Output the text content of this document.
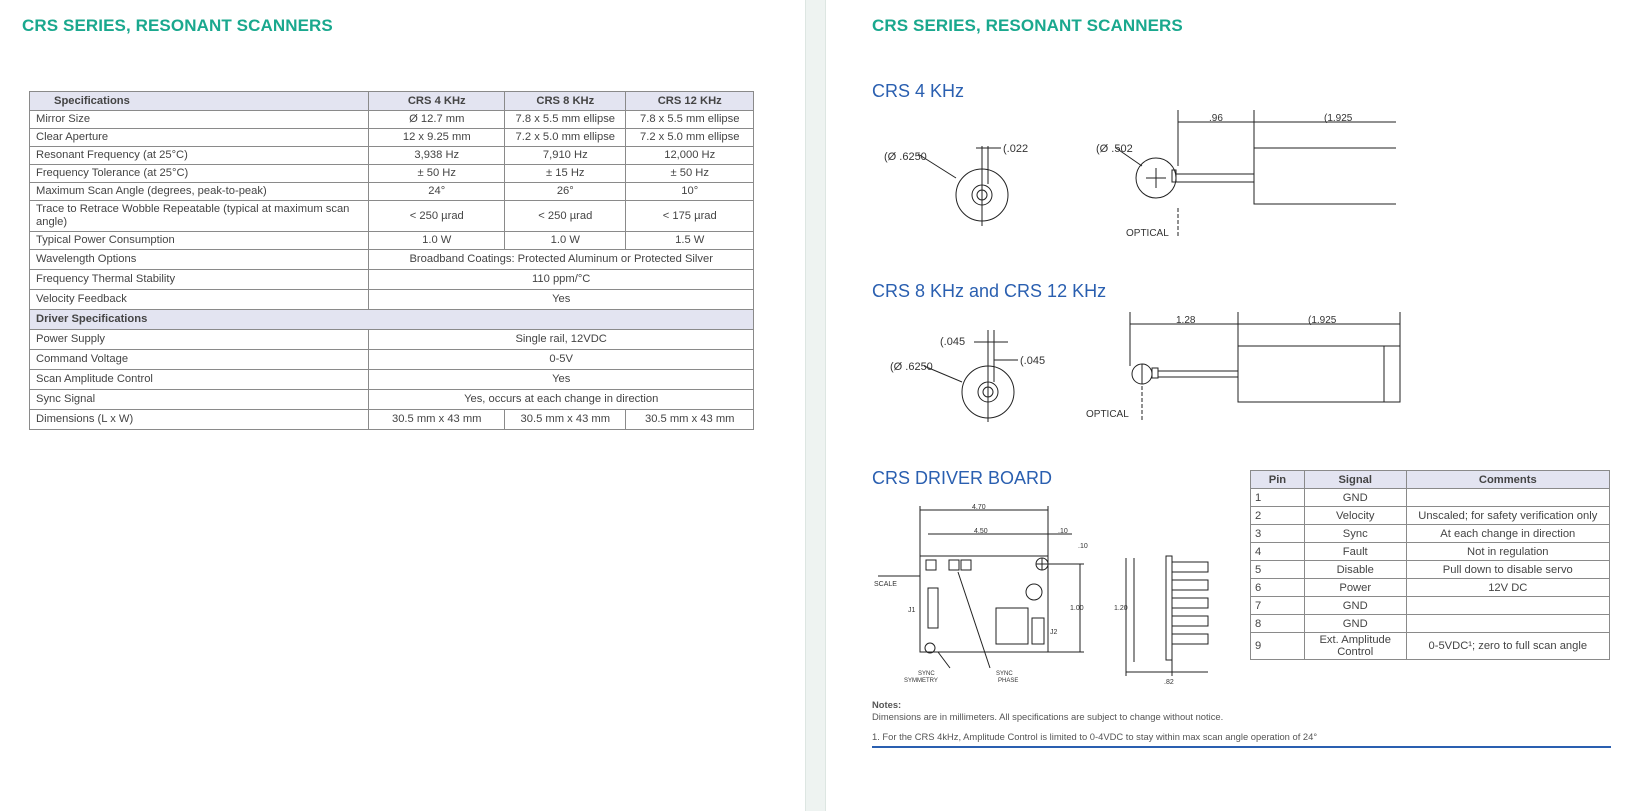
CRS SERIES, RESONANT SCANNERS
Specifications	CRS 4 KHz	CRS 8 KHz	CRS 12 KHz
Mirror Size	Ø 12.7 mm	7.8 x 5.5 mm ellipse	7.8 x 5.5 mm ellipse
Clear Aperture	12 x 9.25 mm	7.2 x 5.0 mm ellipse	7.2 x 5.0 mm ellipse
Resonant Frequency (at 25°C)	3,938 Hz	7,910 Hz	12,000 Hz
Frequency Tolerance (at 25°C)	± 50 Hz	± 15 Hz	± 50 Hz
Maximum Scan Angle (degrees, peak-to-peak)	24°	26°	10°
Trace to Retrace Wobble Repeatable (typical at maximum scan angle)	< 250 µrad	< 250 µrad	< 175 µrad
Typical Power Consumption	1.0 W	1.0 W	1.5 W
Wavelength Options	Broadband Coatings: Protected Aluminum or Protected Silver		
Frequency Thermal Stability	110 ppm/°C		
Velocity Feedback	Yes		
Driver Specifications			
Power Supply	Single rail, 12VDC		
Command Voltage	0-5V		
Scan Amplitude Control	Yes		
Sync Signal	Yes, occurs at each change in direction		
Dimensions (L x W)	30.5 mm x 43 mm	30.5 mm x 43 mm	30.5 mm x 43 mm
CRS SERIES, RESONANT SCANNERS
CRS 4 KHz
(Ø .6250
(.022	(Ø .502
.96	(1.925
OPTICAL
CRS 8 KHz and CRS 12 KHz
(.045
(.045
(Ø .6250
1.28	(1.925
OPTICAL
CRS DRIVER BOARD
4.70
4.50	.10
.10
1.00	1.20
.82
SCALE
J1
J2
SYNC
SYMMETRY
SYNC
PHASE
Pin	Signal	Comments
1	GND	
2	Velocity	Unscaled; for safety verification only
3	Sync	At each change in direction
4	Fault	Not in regulation
5	Disable	Pull down to disable servo
6	Power	12V DC
7	GND	
8	GND	
9	Ext. Amplitude Control	0-5VDC¹; zero to full scan angle
Notes:
Dimensions are in millimeters. All specifications are subject to change without notice.
1. For the CRS 4kHz, Amplitude Control is limited to 0-4VDC to stay within max scan angle operation of 24°
